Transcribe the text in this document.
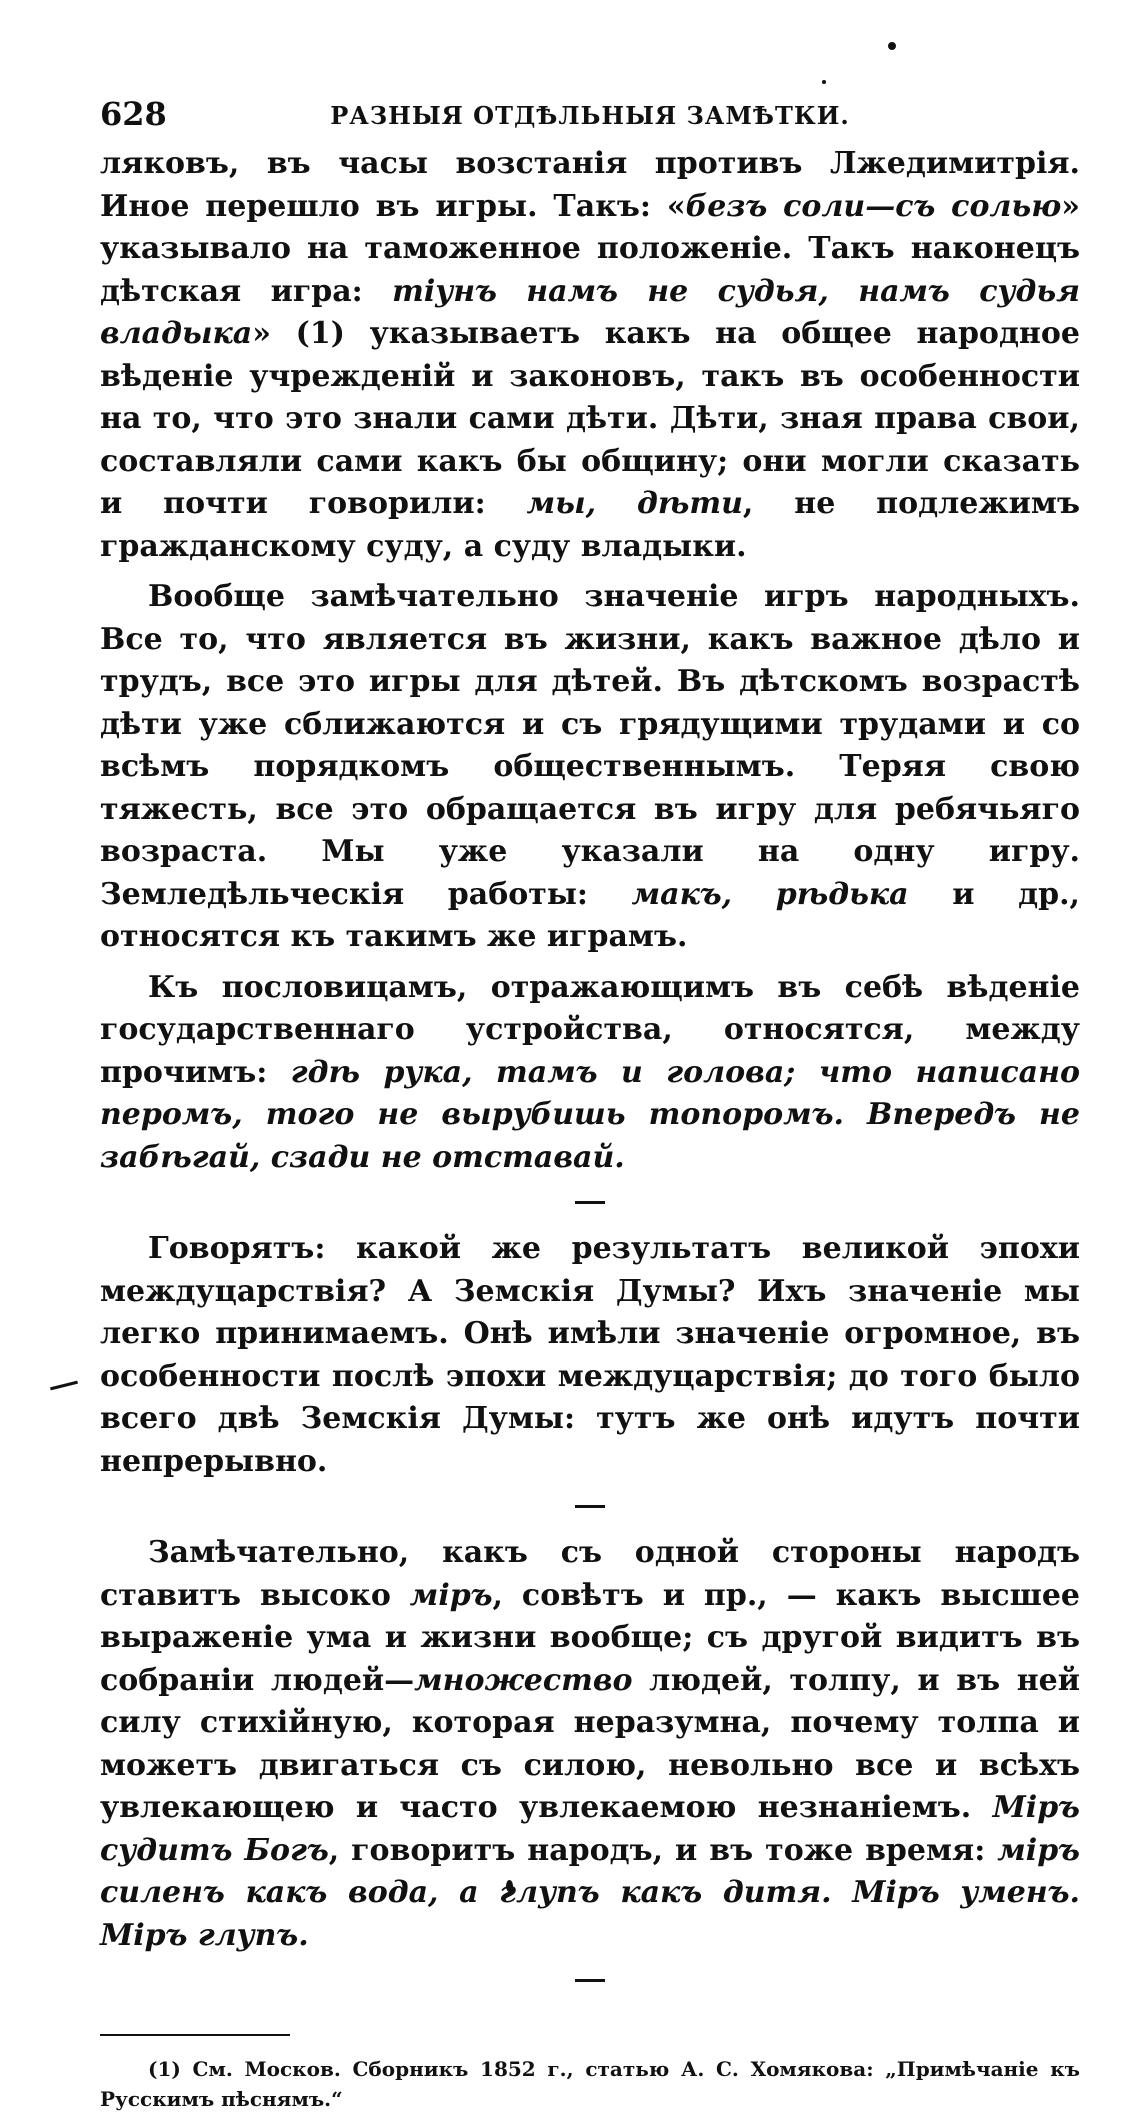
628	РАЗНЫЯ ОТДѢЛЬНЫЯ ЗАМѢТКИ.

ляковъ, въ часы возстанія противъ Лжедимитрія. Иное перешло въ игры. Такъ: «безъ соли—съ солью» указывало на таможенное положеніе. Такъ наконецъ дѣтская игра: тіунъ намъ не судья, намъ судья владыка» (1) указываетъ какъ на общее народное вѣденіе учрежденій и законовъ, такъ въ особенности на то, что это знали сами дѣти. Дѣти, зная права свои, составляли сами какъ бы общину; они могли сказать и почти говорили: мы, дѣти, не подлежимъ гражданскому суду, а суду владыки.

Вообще замѣчательно значеніе игръ народныхъ. Все то, что является въ жизни, какъ важное дѣло и трудъ, все это игры для дѣтей. Въ дѣтскомъ возрастѣ дѣти уже сближаются и съ грядущими трудами и со всѣмъ порядкомъ общественнымъ. Теряя свою тяжесть, все это обращается въ игру для ребячьяго возраста. Мы уже указали на одну игру. Земледѣльческія работы: макъ, рѣдька и др., относятся къ такимъ же играмъ.

Къ пословицамъ, отражающимъ въ себѣ вѣденіе государственнаго устройства, относятся, между прочимъ: гдѣ рука, тамъ и голова; что написано перомъ, того не вырубишь топоромъ. Впередъ не забѣгай, сзади не отставай.

Говорятъ: какой же результатъ великой эпохи междуцарствія? А Земскія Думы? Ихъ значеніе мы легко принимаемъ. Онѣ имѣли значеніе огромное, въ особенности послѣ эпохи междуцарствія; до того было всего двѣ Земскія Думы: тутъ же онѣ идутъ почти непрерывно.

Замѣчательно, какъ съ одной стороны народъ ставитъ высоко міръ, совѣтъ и пр., — какъ высшее выраженіе ума и жизни вообще; съ другой видитъ въ собраніи людей—множество людей, толпу, и въ ней силу стихійную, которая неразумна, почему толпа и можетъ двигаться съ силою, невольно все и всѣхъ увлекающею и часто увлекаемою незнаніемъ. Міръ судитъ Богъ, говоритъ народъ, и въ тоже время: міръ силенъ какъ вода, а глупъ какъ дитя. Міръ уменъ. Міръ глупъ.

(1) См. Москов. Сборникъ 1852 г., статью А. С. Хомякова: „Примѣчаніе къ Русскимъ пѣснямъ.“
